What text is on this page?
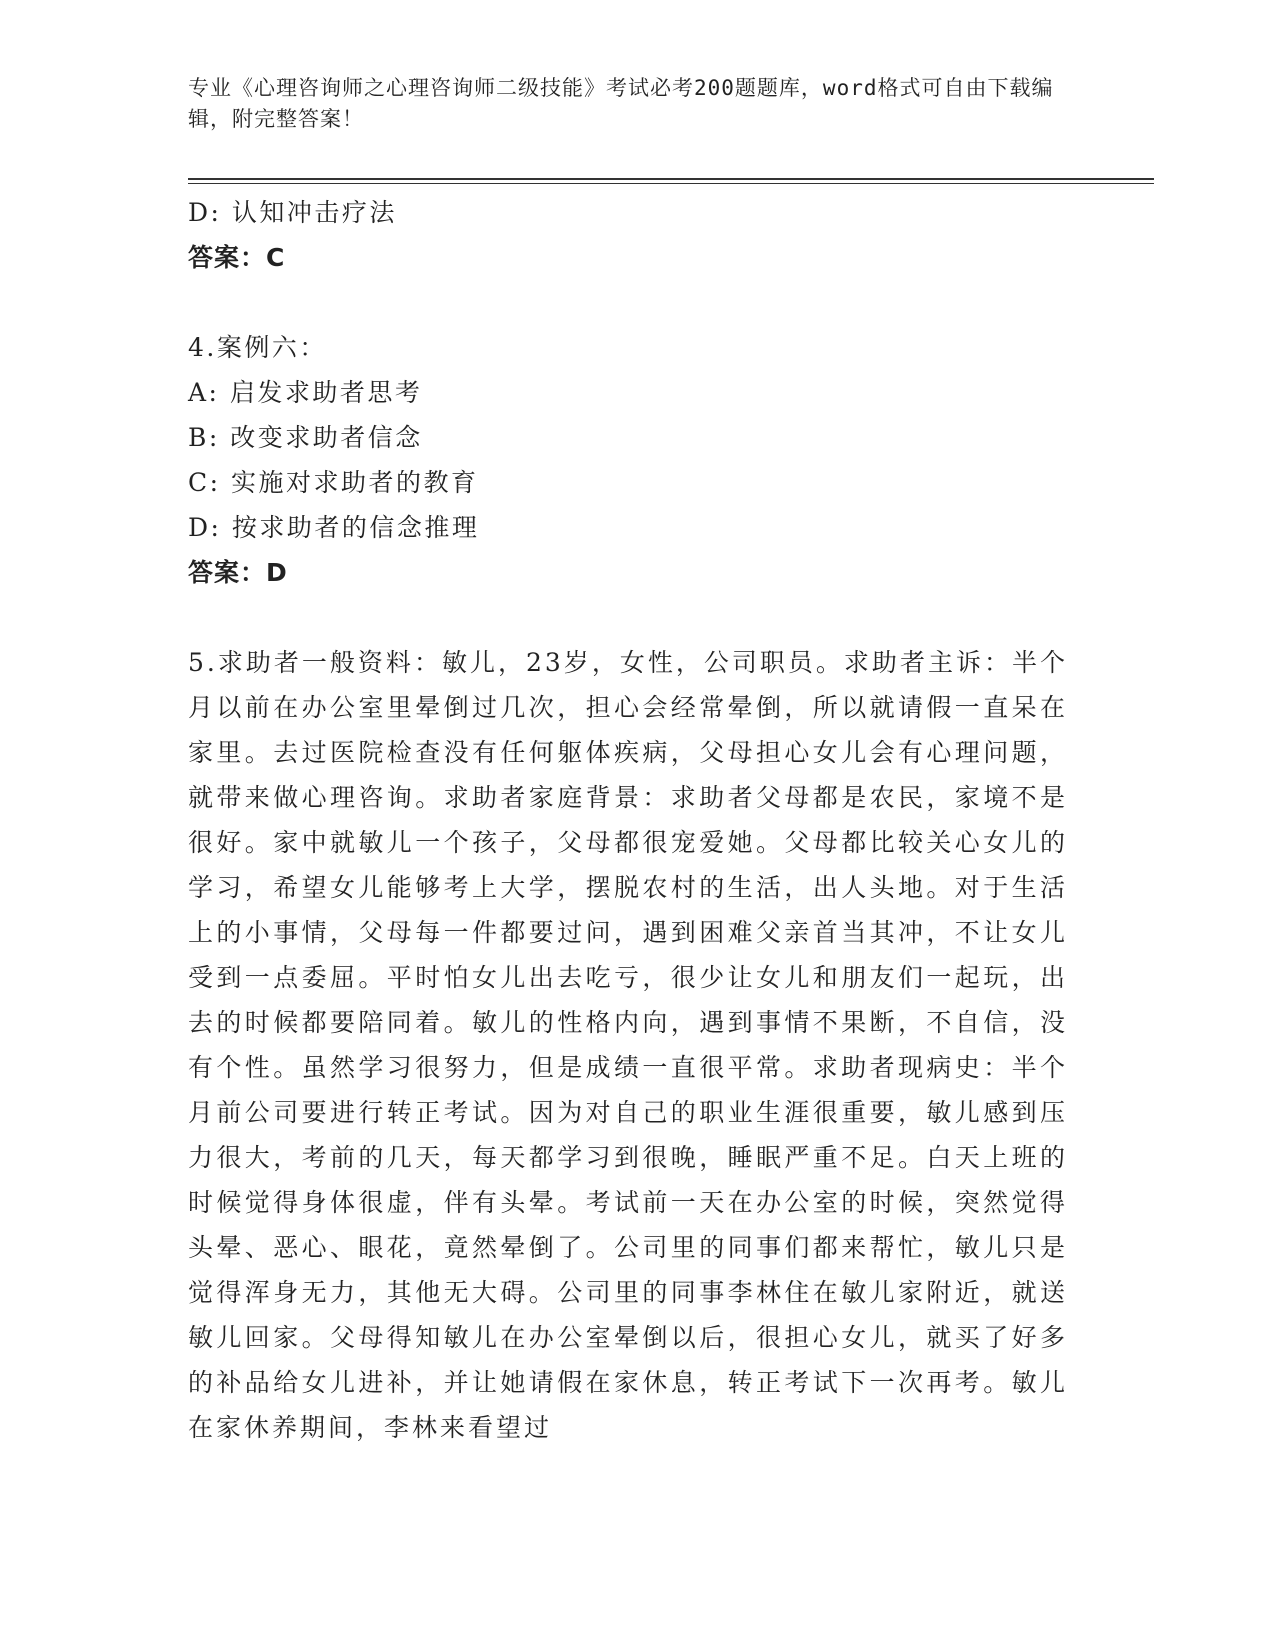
专业《心理咨询师之心理咨询师二级技能》考试必考200题题库，word格式可自由下载编辑，附完整答案！
D: 认知冲击疗法
答案：C
4.案例六：
A: 启发求助者思考
B: 改变求助者信念
C: 实施对求助者的教育
D: 按求助者的信念推理
答案：D
5.求助者一般资料：敏儿，23岁，女性，公司职员。求助者主诉：半个月以前在办公室里晕倒过几次，担心会经常晕倒，所以就请假一直呆在家里。去过医院检查没有任何躯体疾病，父母担心女儿会有心理问题，就带来做心理咨询。求助者家庭背景：求助者父母都是农民，家境不是很好。家中就敏儿一个孩子，父母都很宠爱她。父母都比较关心女儿的学习，希望女儿能够考上大学，摆脱农村的生活，出人头地。对于生活上的小事情，父母每一件都要过问，遇到困难父亲首当其冲，不让女儿受到一点委屈。平时怕女儿出去吃亏，很少让女儿和朋友们一起玩，出去的时候都要陪同着。敏儿的性格内向，遇到事情不果断，不自信，没有个性。虽然学习很努力，但是成绩一直很平常。求助者现病史：半个月前公司要进行转正考试。因为对自己的职业生涯很重要，敏儿感到压力很大，考前的几天，每天都学习到很晚，睡眠严重不足。白天上班的时候觉得身体很虚，伴有头晕。考试前一天在办公室的时候，突然觉得头晕、恶心、眼花，竟然晕倒了。公司里的同事们都来帮忙，敏儿只是觉得浑身无力，其他无大碍。公司里的同事李林住在敏儿家附近，就送敏儿回家。父母得知敏儿在办公室晕倒以后，很担心女儿，就买了好多的补品给女儿进补，并让她请假在家休息，转正考试下一次再考。敏儿在家休养期间，李林来看望过
